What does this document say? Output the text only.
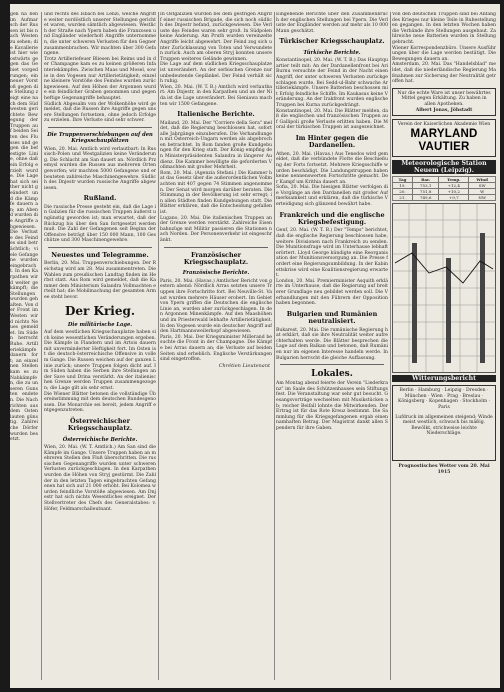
gen ha ben im Aufmar sch der Russen ist bis nach Westen zu sehen; die Kavallerie ist hier wie ostwärts gegen das Gebiet vorgedrungen; ein neuer Vorstoß gegen die Stellung zeigt eine nach dem Südwesten gerichtete Bewegung der Truppen auf beiden Seiten des Flusses und gegen die befestigte Linie, ohne daß ein Erfolg erzielt wurde. Die Lage hat sich seither nicht geändert und die Kämpfe dauern an; am Abend wurden die Angriffe abgewiesen. Die Verluste des Feindes sind beträchtlich; viele Gefangene wurden eingebracht. In den Karpathen wird weiter gekämpft; die Stellungen wurden gehalten. Von der Front im Westen wird nichts Neues gemeldet. Im Süden herrscht Ruhe. Artilleriekämpfe dauern fort; an einzelnen Stellen kam es zu Nahkämpfen, die zu unseren Gunsten endeten. Die Nachrichten aus dem Osten lauten günstig. Zahlreiche Dörfer wurden besetzt.

und rechts des Isbach bei Lenzi, welche Angriffe weiter nordöstlich unserer Stellungen gerichtet waren, wurden sämtlich abgewiesen. Westlich der Straße nach Ypern haben die Franzosen und Engländer wiederholt Angriffe unternommen, die unter schweren Verlusten für den Gegner zusammenbrachen. Wir machten über 300 Gefangene.

Trotz Artilleriefeuer Bliesen bei Reims und in der Champagne kam es zu keinen größeren Infanteriekämpfen. Zwischen Maas und Mosel, sowie in den Vogesen nur Artillerietätigkeit; einzelne kleinere Vorstöße des Feindes wurden zurückgewiesen. Auf den Höhen der Argonnen wurde ein feindlicher Graben genommen und gegen heftige Gegenangriffe behauptet.

Südlich Abgesalm von der Wolkenhöhe wird gemeldet, daß die Russen ihre Angriffe gegen unsere Stellungen fortsetzen, ohne jedoch Erfolge zu erzielen. Ihre Verluste sind sehr schwer.

Die Truppenverschiebungen auf den Kriegsschauplätzen

Wien, 20. Mai. Amtlich wird verlautbart: In Russisch-Polen und Westgalizien keine Veränderung. Die Schlacht am San dauert an. Nördlich Przemysl wurden die Russen aus mehreren Orten geworfen; wir machten 5000 Gefangene und erbeuteten zahlreiche Maschinengewehre. Südlich des Dnjestr wurden russische Angriffe abgewiesen.

Rußland.

Die russische Presse gesteht ein, daß die Lage in Galizien für die russischen Truppen äußerst ungünstig geworden ist; man erwartet, daß der Rückzug bis über den San fortgesetzt werden muß. Die Zahl der Gefangenen seit Beginn der Offensive beträgt über 150 000 Mann, 100 Geschütze und 300 Maschinengewehre.

Neuestes und Telegramme.

Berlin, 20. Mai. Truppenverschiebungen. Der Reichstag wird am 28. Mai zusammentreten. Die Wahlen zum preußischen Landtag finden im Herbst statt. Aus Rom wird gemeldet, daß die Kammer dem Ministerium Salandra Vollmachten erteilt hat; die Mobilmachung der gesamten Armee steht bevor.

Der Krieg.
Die militärische Lage.

Auf dem westlichen Kriegsschauplatze haben sich keine wesentlichen Veränderungen ergeben. Die Kämpfe in Flandern und im Artois dauern mit unverminderter Heftigkeit fort. Im Osten ist die deutsch-österreichische Offensive in vollem Gange. Die Russen weichen auf der ganzen Linie zurück; unsere Truppen folgen dicht auf. Im Süden haben die Serben ihre Stellungen an der Save und Drina verstärkt. An der italienischen Grenze werden Truppen zusammengezogen; die Lage gilt als sehr ernst.

Die Wiener Blätter betonen die vollständige Übereinstimmung mit dem deutschen Bundesgenossen. Die Monarchie sei bereit, jedem Angriff entgegenzutreten.

Österreichischer Kriegsschauplatz.
Österreichische Berichte.

Wien, 20. Mai. (W. T. Amtlich.) Am San sind die Kämpfe im Gange. Unsere Truppen haben an mehreren Stellen den Fluß überschritten. Die russischen Gegenangriffe wurden unter schweren Verlusten zurückgeschlagen. In den Karpathen wurden die Höhen von Stryj gestürmt. Die Zahl der in den letzten Tagen eingebrachten Gefangenen hat sich auf 21 000 erhöht. Bei Kolomea wurden feindliche Vorstöße abgewiesen. Am Dnjestr hat sich nichts Wesentliches ereignet. Der Stellvertreter des Chefs des Generalstabes: v. Höfer, Feldmarschalleutnant.

In Ostgalizien wurden bei dem gestrigen Angriff einer russischen Brigade, die sich noch südlich des Dnjestr befand, zurückgewiesen. Die Verluste des Feindes waren sehr groß. In Südpolen keine Änderung. Am Pruth wurden vereinzelte Angriffe leicht abgewehrt. Der Feind zog sich unter Zurücklassung von Toten und Verwundeten zurück. Auch am oberen Stryj konnten unsere Truppen weiteres Gelände gewinnen.

Die Lage auf dem südlichen Kriegsschauplatze ist unverändert. An der serbischen Grenze nur unbedeutende Geplänkel. Der Feind verhält sich ruhig.

Wien, 20. Mai. (W. T. B.) Amtlich wird verlautbart: Am Dnjestr, in den Karpathen und an der Nida ist die Lage unverändert. Bei Sieniawa machten wir 1500 Gefangene.

Italienische Berichte.

Mailand, 20. Mai. Der "Corriere della Sera" meldet, daß die Regierung beschlossen hat, sofort alle Jahrgänge einzuberufen. Die Verhandlungen mit Österreich-Ungarn werden als abgebrochen betrachtet. In Rom fanden große Kundgebungen für den Krieg statt. Der König empfing den Ministerpräsidenten Salandra in längerer Audienz. Die Kammer bewilligte die geforderten Vollmachten mit großer Mehrheit.

Rom, 20. Mai. (Agenzia Stefani.) Die Kammer hat das Gesetz über die außerordentlichen Vollmachten mit 407 gegen 74 Stimmen angenommen. Der Senat wird morgen darüber beraten. Die Stimmung in der Bevölkerung ist sehr erregt; in allen Städten finden Kundgebungen statt. Die Blätter erklären, daß die Entscheidung gefallen ist.

Lugano, 20. Mai. Die italienischen Truppen an der Grenze werden verstärkt. Zahlreiche Eisenbahnzüge mit Militär passieren die Stationen nach Norden. Der Personenverkehr ist eingeschränkt.

Französischer Kriegsschauplatz.
Französische Berichte.

Paris, 20. Mai. (Havas.) Amtlicher Bericht von gestern abend: Nördlich Arras setzten unsere Truppen ihre Fortschritte fort. Bei Neuville-St. Vaast wurden mehrere Häuser erobert. Im Gebiet von Ypern griffen die Deutschen die englische Linie an, wurden aber zurückgeschlagen. In den Argonnen Minenkämpfe. Auf den Maashöhen und im Priesterwald lebhafte Artillerietätigkeit. In den Vogesen wurde ein deutscher Angriff auf den Hartmannsweilerkopf abgewiesen.

Paris, 20. Mai. Der Kriegsminister Millerand besuchte die Front in der Champagne. Die Kämpfe bei Arras dauern an; die Verluste auf beiden Seiten sind erheblich. Englische Verstärkungen sind eingetroffen.

Chrétien Lieutenant

Eingehende Berichte über den Zusammenbruch der englischen Stellungen bei Ypern. Die Verluste der Engländer werden auf mehr als 10 000 Mann geschätzt.

Türkischer Kriegsschauplatz.
Türkische Berichte.

Konstantinopel, 20. Mai. (W. T. B.) Das Hauptquartier teilt mit: An der Dardanellenfront bei Ari Burnu versuchte der Feind in der Nacht einen Angriff, der unter schweren Verlusten zurückgeschlagen wurde. Bei Sedd-ul-Bahr schwache Artilleriekämpfe. Unsere Batterien beschossen mit Erfolg feindliche Schiffe. Im Kaukasus keine Veränderung. An der Irakfront wurden englische Truppen bei Kurna zurückgedrängt.

Konstantinopel, 20. Mai. Die Blätter melden, daß die englischen und französischen Truppen auf Gallipoli große Verluste erlitten haben. Die Moral der türkischen Truppen ist ausgezeichnet.

Im Hinter gegen die Dardanellen.

Athen, 20. Mai. (Havas.) Aus Tenedos wird gemeldet, daß die verbündete Flotte die Beschießung der Forts fortsetzt. Mehrere Kriegsschiffe wurden beschädigt. Die Landungstruppen haben keine nennenswerten Fortschritte gemacht. Der Kampf um Krithia dauert an.

Sofia, 20. Mai. Die hiesigen Blätter verfolgen die Vorgänge an den Dardanellen mit großer Aufmerksamkeit und erklären, daß die türkische Verteidigung sich glänzend bewährt habe.

Frankreich und die englische Kriegsbefestigung.

Genf, 20. Mai. (W. T. B.) Der "Temps" berichtet, daß die englische Regierung beschlossen habe, weitere Divisionen nach Frankreich zu senden. Die Munitionsfrage wird im Unterhause lebhaft erörtert. Lloyd George kündigte eine Reorganisation der Munitionsversorgung an. Die Presse fordert eine Regierungsumbildung. In der Kabinettskrise wird eine Koalitionsregierung erwartet.

London, 20. Mai. Premierminister Asquith erklärte im Unterhause, daß die Regierung auf breiterer Grundlage neu gebildet werden soll. Die Verhandlungen mit den Führern der Opposition haben begonnen.

Bulgarien und Rumänien neutralisiert.

Bukarest, 20. Mai. Die rumänische Regierung hat erklärt, daß sie ihre Neutralität weiter aufrechterhalten werde. Die Blätter besprechen die Lage auf dem Balkan und betonen, daß Rumänien nur im eigenen Interesse handeln werde. In Bulgarien herrscht die gleiche Auffassung.

Lokales.

Am Montag abend feierte der Verein "Liederkranz" im Saale des Schützenhauses sein Stiftungsfest. Die Veranstaltung war sehr gut besucht. Gesangsvorträge wechselten mit Musikstücken ab; reicher Beifall lohnte die Mitwirkenden. Der Ertrag ist für das Rote Kreuz bestimmt. Die Sammlung für die Kriegsgefangenen ergab einen namhaften Betrag. Der Magistrat dankt allen Spendern für ihre Gaben.

Von den deutschen Truppen sind bei Anfang des Krieges nur kleine Teile in Ruhestellungen gegangen. In den letzten Wochen haben die Verbände ihre Stellungen ausgebaut. Zahlreiche neue Batterien wurden in Stellung gebracht.

Wiener Korrespondenzbüro. Unsere Ausführungen über die Lage werden bestätigt. Die Bewegungen dauern an.

Amsterdam, 20. Mai. Das "Handelsblad" meldet, daß die niederländische Regierung Maßnahmen zur Sicherung der Neutralität getroffen hat.

Nur die echte Ware ist unser bewährtes Mittel gegen Erkältung. Zu haben in allen Apotheken.
Albert Jonas, Jöhstadt
Verein der Kaiserlichen Akademie Wien
MARYLAND VAUTIER
Meteorologische Station Neuem (Leipzig).
Tag	Bar.	Temp.	Wind
19.	753,1	+12,4	SW
20.	751,8	+10,2	W
21.	749,6	+9,7	NW
Witterungsbericht
Berlin · Hamburg · Leipzig · Dresden · München · Wien · Prag · Breslau · Königsberg · Kopenhagen · Stockholm · Paris
Lufdruck im allgemeinen steigend; Winde meist westlich, schwach bis mäßig. Bewölkt, strichweise leichte Niederschläge.
Prognostisches Wetter vom 20. Mai 1915
